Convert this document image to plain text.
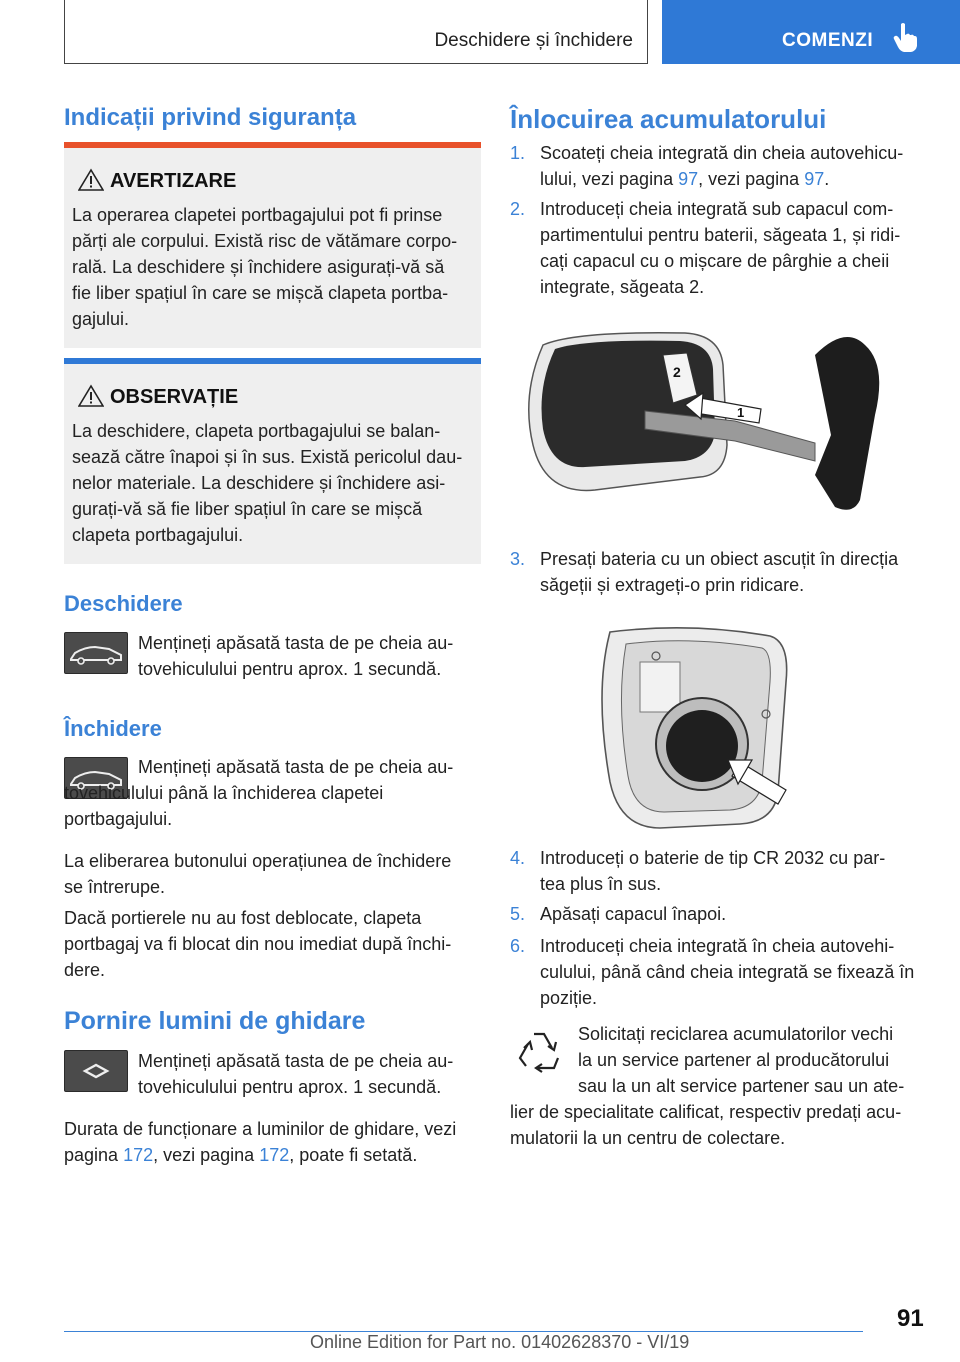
Deschidere și închidere	COMENZI
Indicații privind siguranța
AVERTIZARE
La operarea clapetei portbagajului pot fi prinse
părți ale corpului. Există risc de vătămare corpo-
rală. La deschidere și închidere asigurați-vă să
fie liber spațiul în care se mișcă clapeta portba-
gajului.
OBSERVAȚIE
La deschidere, clapeta portbagajului se balan-
sează către înapoi și în sus. Există pericolul dau-
nelor materiale. La deschidere și închidere asi-
gurați-vă să fie liber spațiul în care se mișcă
clapeta portbagajului.
Deschidere

Mențineți apăsată tasta de pe cheia au-
tovehiculului pentru aprox. 1 secundă.

Închidere

Mențineți apăsată tasta de pe cheia au-
tovehiculului până la închiderea clapetei
portbagajului.

La eliberarea butonului operațiunea de închidere
se întrerupe.

Dacă portierele nu au fost deblocate, clapeta
portbagaj va fi blocat din nou imediat după închi-
dere.

Pornire lumini de ghidare

Mențineți apăsată tasta de pe cheia au-
tovehiculului pentru aprox. 1 secundă.

Durata de funcționare a luminilor de ghidare, vezi
pagina 172, vezi pagina 172, poate fi setată.

Înlocuirea acumulatorului
1. Scoateți cheia integrată din cheia autovehicu-
lului, vezi pagina 97, vezi pagina 97.
2. Introduceți cheia integrată sub capacul com-
partimentului pentru baterii, săgeata 1, și ridi-
cați capacul cu o mișcare de pârghie a cheii
integrate, săgeata 2.
2
1
3. Presați bateria cu un obiect ascuțit în direcția
săgeții și extrageți-o prin ridicare.
4. Introduceți o baterie de tip CR 2032 cu par-
tea plus în sus.
5. Apăsați capacul înapoi.
6. Introduceți cheia integrată în cheia autovehi-
culului, până când cheia integrată se fixează în
poziție.

Solicitați reciclarea acumulatorilor vechi
la un service partener al producătorului
sau la un alt service partener sau un ate-

lier de specialitate calificat, respectiv predați acu-
mulatorii la un centru de colectare.

91
Online Edition for Part no. 01402628370 - VI/19
